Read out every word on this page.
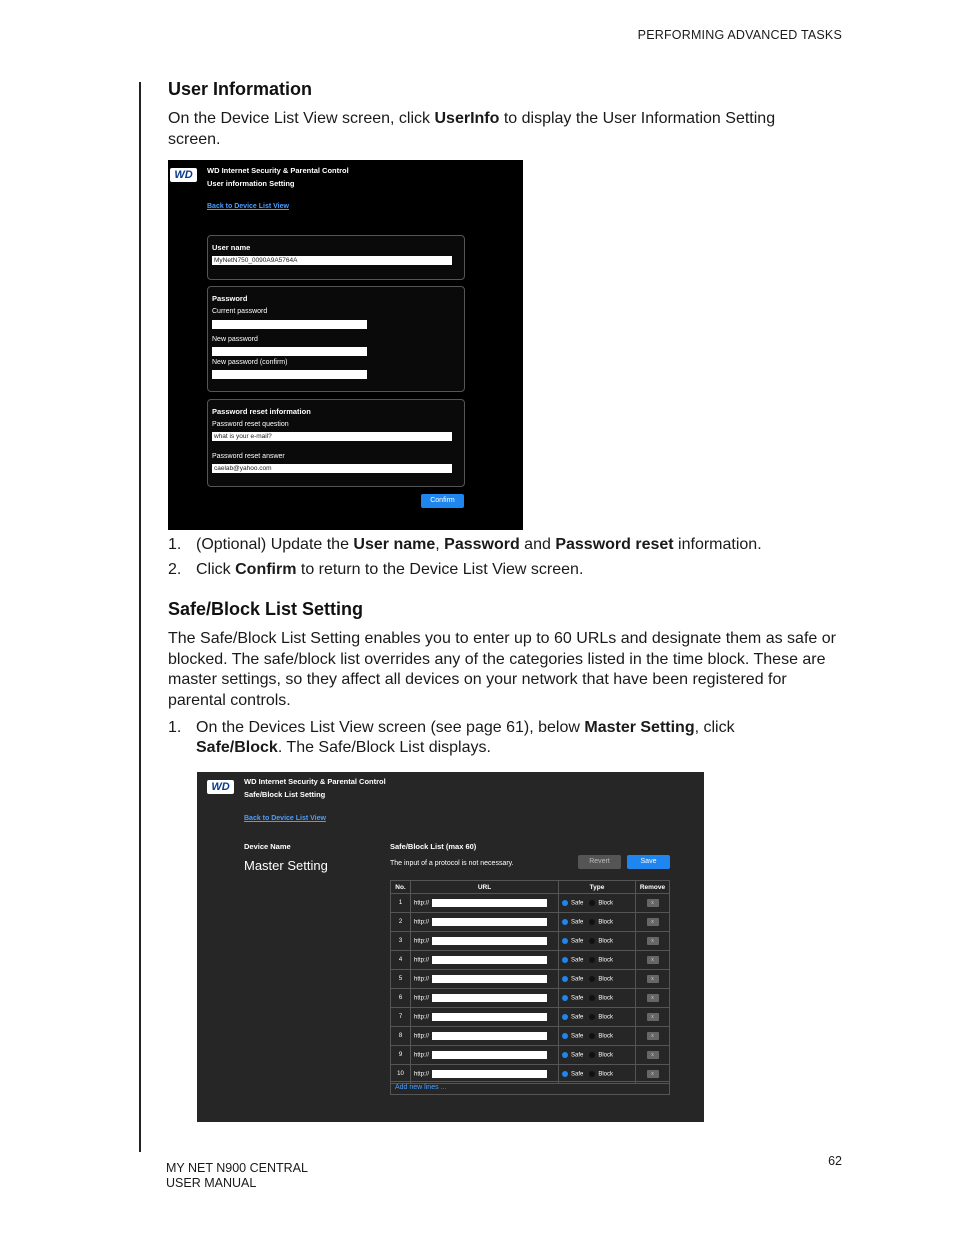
PERFORMING ADVANCED TASKS
User Information
On the Device List View screen, click UserInfo to display the User Information Setting screen.
WD	WD Internet Security & Parental Control
User information Setting
Back to Device List View
User name
MyNetN750_0090A9A5764A
Password
Current password
New password
New password (confirm)
Password reset information
Password reset question
what is your e-mail?
Password reset answer
caelab@yahoo.com
Confirm
1. (Optional) Update the User name, Password and Password reset information.
2. Click Confirm to return to the Device List View screen.
Safe/Block List Setting
The Safe/Block List Setting enables you to enter up to 60 URLs and designate them as safe or blocked. The safe/block list overrides any of the categories listed in the time block. These are master settings, so they affect all devices on your network that have been registered for parental controls.
1. On the Devices List View screen (see page 61), below Master Setting, click Safe/Block. The Safe/Block List displays.
WD	WD Internet Security & Parental Control
Safe/Block List Setting
Back to Device List View
Device Name
Master Setting
Safe/Block List (max 60)
The input of a protocol is not necessary.	Revert	Save
No.	URL	Type	Remove
1	http://	Safe Block	x
2	http://	Safe Block	x
3	http://	Safe Block	x
4	http://	Safe Block	x
5	http://	Safe Block	x
6	http://	Safe Block	x
7	http://	Safe Block	x
8	http://	Safe Block	x
9	http://	Safe Block	x
10	http://	Safe Block	x
Add new lines ...
MY NET N900 CENTRAL
USER MANUAL
62
